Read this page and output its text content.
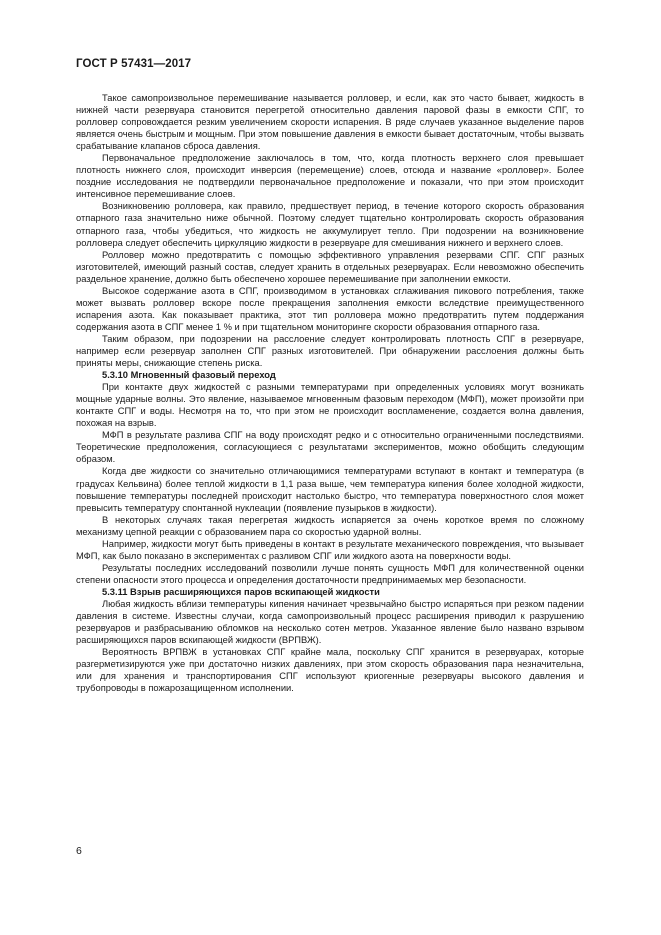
ГОСТ Р 57431—2017

Такое самопроизвольное перемешивание называется ролловер, и если, как это часто бывает, жидкость в нижней части резервуара становится перегретой относительно давления паровой фазы в емкости СПГ, то ролловер сопровождается резким увеличением скорости испарения. В ряде случаев указанное выделение паров является очень быстрым и мощным. При этом повышение давления в емкости бывает достаточным, чтобы вызвать срабатывание клапанов сброса давления.

Первоначальное предположение заключалось в том, что, когда плотность верхнего слоя превышает плотность нижнего слоя, происходит инверсия (перемещение) слоев, отсюда и название «ролловер». Более поздние исследования не подтвердили первоначальное предположение и показали, что при этом происходит интенсивное перемешивание слоев.

Возникновению ролловера, как правило, предшествует период, в течение которого скорость образования отпарного газа значительно ниже обычной. Поэтому следует тщательно контролировать скорость образования отпарного газа, чтобы убедиться, что жидкость не аккумулирует тепло. При подозрении на возникновение ролловера следует обеспечить циркуляцию жидкости в резервуаре для смешивания нижнего и верхнего слоев.

Ролловер можно предотвратить с помощью эффективного управления резервами СПГ. СПГ разных изготовителей, имеющий разный состав, следует хранить в отдельных резервуарах. Если невозможно обеспечить раздельное хранение, должно быть обеспечено хорошее перемешивание при заполнении емкости.

Высокое содержание азота в СПГ, производимом в установках сглаживания пикового потребления, также может вызвать ролловер вскоре после прекращения заполнения емкости вследствие преимущественного испарения азота. Как показывает практика, этот тип ролловера можно предотвратить путем поддержания содержания азота в СПГ менее 1 % и при тщательном мониторинге скорости образования отпарного газа.

Таким образом, при подозрении на расслоение следует контролировать плотность СПГ в резервуаре, например если резервуар заполнен СПГ разных изготовителей. При обнаружении расслоения должны быть приняты меры, снижающие степень риска.

5.3.10 Мгновенный фазовый переход

При контакте двух жидкостей с разными температурами при определенных условиях могут возникать мощные ударные волны. Это явление, называемое мгновенным фазовым переходом (МФП), может произойти при контакте СПГ и воды. Несмотря на то, что при этом не происходит воспламенение, создается волна давления, похожая на взрыв.

МФП в результате разлива СПГ на воду происходят редко и с относительно ограниченными последствиями. Теоретические предположения, согласующиеся с результатами экспериментов, можно обобщить следующим образом.

Когда две жидкости со значительно отличающимися температурами вступают в контакт и температура (в градусах Кельвина) более теплой жидкости в 1,1 раза выше, чем температура кипения более холодной жидкости, повышение температуры последней происходит настолько быстро, что температура поверхностного слоя может превысить температуру спонтанной нуклеации (появление пузырьков в жидкости).

В некоторых случаях такая перегретая жидкость испаряется за очень короткое время по сложному механизму цепной реакции с образованием пара со скоростью ударной волны.

Например, жидкости могут быть приведены в контакт в результате механического повреждения, что вызывает МФП, как было показано в экспериментах с разливом СПГ или жидкого азота на поверхности воды.

Результаты последних исследований позволили лучше понять сущность МФП для количественной оценки степени опасности этого процесса и определения достаточности предпринимаемых мер безопасности.

5.3.11 Взрыв расширяющихся паров вскипающей жидкости

Любая жидкость вблизи температуры кипения начинает чрезвычайно быстро испаряться при резком падении давления в системе. Известны случаи, когда самопроизвольный процесс расширения приводил к разрушению резервуаров и разбрасыванию обломков на несколько сотен метров. Указанное явление было названо взрывом расширяющихся паров вскипающей жидкости (ВРПВЖ).

Вероятность ВРПВЖ в установках СПГ крайне мала, поскольку СПГ хранится в резервуарах, которые разгерметизируются уже при достаточно низких давлениях, при этом скорость образования пара незначительна, или для хранения и транспортирования СПГ используют криогенные резервуары высокого давления и трубопроводы в пожарозащищенном исполнении.

6
